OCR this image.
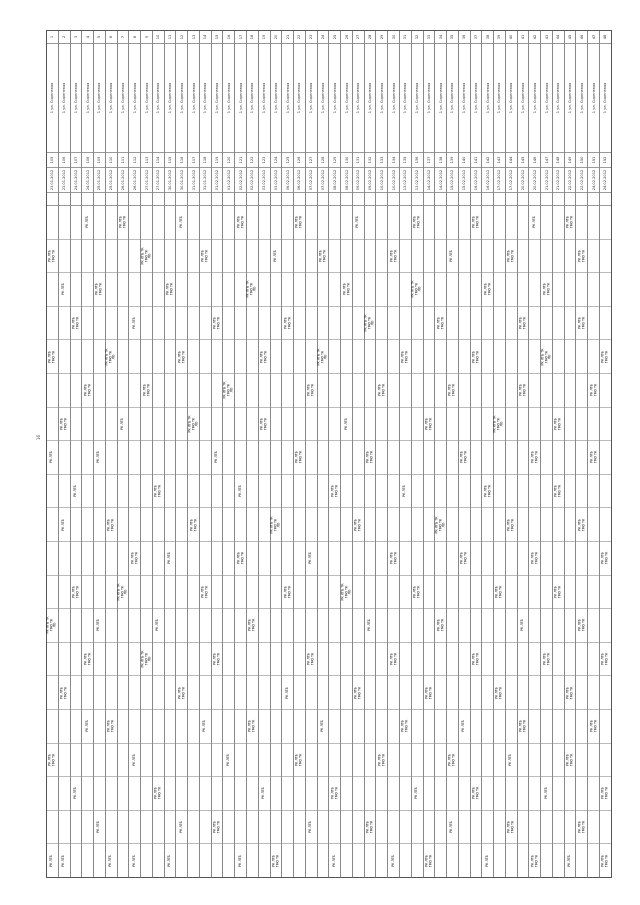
16
1
1 ул. Сиреневая
105
23.01.2012
РК ЛГБ
ГМО ТК
РК ЛГБ
ГМО ТК
РК ЛГБ
РК ЛГБ ТК
ГМО ТК
ЛО
РК ЛГБ
ГМО ТК
РК ЛГБ
2
1 ул. Сиреневая
106
23.01.2012
РК ЛГБ
РК ЛГБ
ГМО ТК
РК ЛГБ
РК ЛГБ
ГМО ТК
РК ЛГБ
3
1 ул. Сиреневая
107
24.01.2012
РК ЛГБ
ГМО ТК
РК ЛГБ
РК ЛГБ
ГМО ТК
РК ЛГБ
4
1 ул. Сиреневая
108
24.01.2012
РК ЛГБ
РК ЛГБ
ГМО ТК
РК ЛГБ
ГМО ТК
РК ЛГБ
5
1 ул. Сиреневая
109
25.01.2012
РК ЛГБ
ГМО ТК
РК ЛГБ
РК ЛГБ
РК ЛГБ
6
1 ул. Сиреневая
110
25.01.2012
РК ЛГБ ТК
ГМО ТК
ЛО
РК ЛГБ
ГМО ТК
РК ЛГБ
ГМО ТК
РК ЛГБ
7
1 ул. Сиреневая
111
26.01.2012
РК ЛГБ
ГМО ТК
РК ЛГБ
РК ЛГБ ТК
ГМО ТК
ЛО
8
1 ул. Сиреневая
112
26.01.2012
РК ЛГБ
РК ЛГБ
ГМО ТК
РК ЛГБ
РК ЛГБ
9
1 ул. Сиреневая
113
27.01.2012
РК ЛГБ ТК
ГМО ТК
ЛО
РК ЛГБ
ГМО ТК
РК ЛГБ ТК
ГМО ТК
ЛО
10
1 ул. Сиреневая
114
27.01.2012
РК ЛГБ
ГМО ТК
РК ЛГБ
РК ЛГБ
ГМО ТК
11
1 ул. Сиреневая
115
30.01.2012
РК ЛГБ
ГМО ТК
РК ЛГБ
РК ЛГБ
12
1 ул. Сиреневая
116
30.01.2012
РК ЛГБ
РК ЛГБ
ГМО ТК
РК ЛГБ
ГМО ТК
РК ЛГБ
13
1 ул. Сиреневая
117
31.01.2012
РК ЛГБ ТК
ГМО ТК
ЛО
РК ЛГБ
ГМО ТК
14
1 ул. Сиреневая
118
31.01.2012
РК ЛГБ
ГМО ТК
РК ЛГБ
ГМО ТК
РК ЛГБ
15
1 ул. Сиреневая
119
01.02.2012
РК ЛГБ
ГМО ТК
РК ЛГБ
РК ЛГБ
ГМО ТК
РК ЛГБ
ГМО ТК
16
1 ул. Сиреневая
120
01.02.2012
РК ЛГБ ТК
ГМО ТК
ЛО
РК ЛГБ
17
1 ул. Сиреневая
121
02.02.2012
РК ЛГБ
ГМО ТК
РК ЛГБ
РК ЛГБ
ГМО ТК
РК ЛГБ
18
1 ул. Сиреневая
122
02.02.2012
РК ЛГБ ТК
ГМО ТК
ЛО
РК ЛГБ
ГМО ТК
РК ЛГБ
ГМО ТК
19
1 ул. Сиреневая
123
03.02.2012
РК ЛГБ
ГМО ТК
РК ЛГБ
ГМО ТК
РК ЛГБ
20
1 ул. Сиреневая
124
03.02.2012
РК ЛГБ
РК ЛГБ ТК
ГМО ТК
ЛО
РК ЛГБ
ГМО ТК
21
1 ул. Сиреневая
125
06.02.2012
РК ЛГБ
ГМО ТК
РК ЛГБ
ГМО ТК
РК ЛГБ
22
1 ул. Сиреневая
126
06.02.2012
РК ЛГБ
ГМО ТК
РК ЛГБ
ГМО ТК
РК ЛГБ
ГМО ТК
23
1 ул. Сиреневая
127
07.02.2012
РК ЛГБ
ГМО ТК
РК ЛГБ
РК ЛГБ
ГМО ТК
РК ЛГБ
24
1 ул. Сиреневая
128
07.02.2012
РК ЛГБ
ГМО ТК
РК ЛГБ ТК
ГМО ТК
ЛО
РК ЛГБ
25
1 ул. Сиреневая
129
08.02.2012
РК ЛГБ
ГМО ТК
РК ЛГБ
ГМО ТК
РК ЛГБ
26
1 ул. Сиреневая
130
08.02.2012
РК ЛГБ
ГМО ТК
РК ЛГБ
РК ЛГБ ТК
ГМО ТК
ЛО
27
1 ул. Сиреневая
131
09.02.2012
РК ЛГБ
РК ЛГБ
ГМО ТК
РК ЛГБ
ГМО ТК
28
1 ул. Сиреневая
132
09.02.2012
РК ЛГБ ТК
ГМО ТК
ЛО
РК ЛГБ
ГМО ТК
РК ЛГБ
РК ЛГБ
ГМО ТК
29
1 ул. Сиреневая
133
10.02.2012
РК ЛГБ
ГМО ТК
РК ЛГБ
ГМО ТК
30
1 ул. Сиреневая
134
10.02.2012
РК ЛГБ
ГМО ТК
РК ЛГБ
ГМО ТК
РК ЛГБ
ГМО ТК
РК ЛГБ
31
1 ул. Сиреневая
135
13.02.2012
РК ЛГБ
ГМО ТК
РК ЛГБ
РК ЛГБ
ГМО ТК
32
1 ул. Сиреневая
136
13.02.2012
РК ЛГБ
ГМО ТК
РК ЛГБ ТК
ГМО ТК
ЛО
РК ЛГБ
ГМО ТК
РК ЛГБ
33
1 ул. Сиреневая
137
14.02.2012
РК ЛГБ
ГМО ТК
РК ЛГБ
ГМО ТК
РК ЛГБ
ГМО ТК
34
1 ул. Сиреневая
138
14.02.2012
РК ЛГБ
ГМО ТК
РК ЛГБ ТК
ГМО ТК
ЛО
РК ЛГБ
ГМО ТК
35
1 ул. Сиреневая
139
15.02.2012
РК ЛГБ
РК ЛГБ
ГМО ТК
РК ЛГБ
ГМО ТК
РК ЛГБ
36
1 ул. Сиреневая
140
15.02.2012
РК ЛГБ
ГМО ТК
РК ЛГБ
ГМО ТК
РК ЛГБ
37
1 ул. Сиреневая
141
16.02.2012
РК ЛГБ
ГМО ТК
РК ЛГБ
ГМО ТК
РК ЛГБ
ГМО ТК
РК ЛГБ
ГМО ТК
38
1 ул. Сиреневая
142
16.02.2012
РК ЛГБ
ГМО ТК
РК ЛГБ
ГМО ТК
РК ЛГБ
39
1 ул. Сиреневая
143
17.02.2012
РК ЛГБ ТК
ГМО ТК
ЛО
РК ЛГБ
ГМО ТК
РК ЛГБ
ГМО ТК
40
1 ул. Сиреневая
144
17.02.2012
РК ЛГБ
ГМО ТК
РК ЛГБ
ГМО ТК
РК ЛГБ
РК ЛГБ
ГМО ТК
41
1 ул. Сиреневая
145
20.02.2012
РК ЛГБ
ГМО ТК
РК ЛГБ
ГМО ТК
РК ЛГБ
РК ЛГБ
ГМО ТК
42
1 ул. Сиреневая
146
20.02.2012
РК ЛГБ
РК ЛГБ
ГМО ТК
РК ЛГБ
ГМО ТК
РК ЛГБ
ГМО ТК
43
1 ул. Сиреневая
147
21.02.2012
РК ЛГБ
ГМО ТК
РК ЛГБ ТК
ГМО ТК
ЛО
РК ЛГБ
ГМО ТК
РК ЛГБ
44
1 ул. Сиреневая
148
21.02.2012
РК ЛГБ
ГМО ТК
РК ЛГБ
ГМО ТК
РК ЛГБ
ГМО ТК
45
1 ул. Сиреневая
149
22.02.2012
РК ЛГБ
ГМО ТК
РК ЛГБ
ГМО ТК
РК ЛГБ
ГМО ТК
РК ЛГБ
46
1 ул. Сиреневая
150
22.02.2012
РК ЛГБ
ГМО ТК
РК ЛГБ
ГМО ТК
РК ЛГБ
ГМО ТК
РК ЛГБ
ГМО ТК
РК ЛГБ
ГМО ТК
47
1 ул. Сиреневая
151
24.02.2012
РК ЛГБ
ГМО ТК
РК ЛГБ
ГМО ТК
РК ЛГБ
ГМО ТК
48
1 ул. Сиреневая
152
24.02.2012
РК ЛГБ
ГМО ТК
РК ЛГБ
ГМО ТК
РК ЛГБ
ГМО ТК
РК ЛГБ
ГМО ТК
РК ЛГБ
ГМО ТК
